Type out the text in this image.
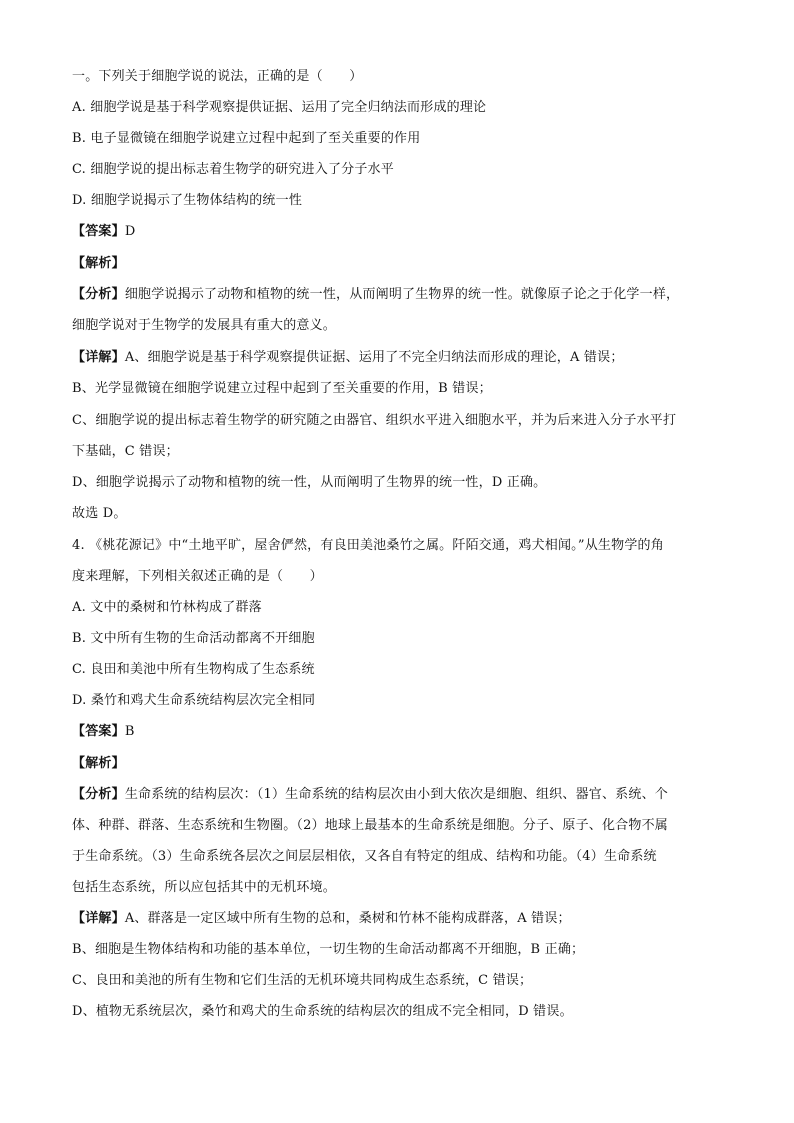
一。下列关于细胞学说的说法，正确的是（　　）
A. 细胞学说是基于科学观察提供证据、运用了完全归纳法而形成的理论
B. 电子显微镜在细胞学说建立过程中起到了至关重要的作用
C. 细胞学说的提出标志着生物学的研究进入了分子水平
D. 细胞学说揭示了生物体结构的统一性
【答案】D
【解析】
【分析】细胞学说揭示了动物和植物的统一性，从而阐明了生物界的统一性。就像原子论之于化学一样，
细胞学说对于生物学的发展具有重大的意义。
【详解】A、细胞学说是基于科学观察提供证据、运用了不完全归纳法而形成的理论，A 错误；
B、光学显微镜在细胞学说建立过程中起到了至关重要的作用，B 错误；
C、细胞学说的提出标志着生物学的研究随之由器官、组织水平进入细胞水平，并为后来进入分子水平打
下基础，C 错误；
D、细胞学说揭示了动物和植物的统一性，从而阐明了生物界的统一性，D 正确。
故选 D。
4. 《桃花源记》中“土地平旷，屋舍俨然，有良田美池桑竹之属。阡陌交通，鸡犬相闻。”从生物学的角
度来理解，下列相关叙述正确的是（　　）
A. 文中的桑树和竹林构成了群落
B. 文中所有生物的生命活动都离不开细胞
C. 良田和美池中所有生物构成了生态系统
D. 桑竹和鸡犬生命系统结构层次完全相同
【答案】B
【解析】
【分析】生命系统的结构层次：（1）生命系统的结构层次由小到大依次是细胞、组织、器官、系统、个
体、种群、群落、生态系统和生物圈。（2）地球上最基本的生命系统是细胞。分子、原子、化合物不属
于生命系统。（3）生命系统各层次之间层层相依，又各自有特定的组成、结构和功能。（4）生命系统
包括生态系统，所以应包括其中的无机环境。
【详解】A、群落是一定区域中所有生物的总和，桑树和竹林不能构成群落，A 错误；
B、细胞是生物体结构和功能的基本单位，一切生物的生命活动都离不开细胞，B 正确；
C、良田和美池的所有生物和它们生活的无机环境共同构成生态系统，C 错误；
D、植物无系统层次，桑竹和鸡犬的生命系统的结构层次的组成不完全相同，D 错误。
